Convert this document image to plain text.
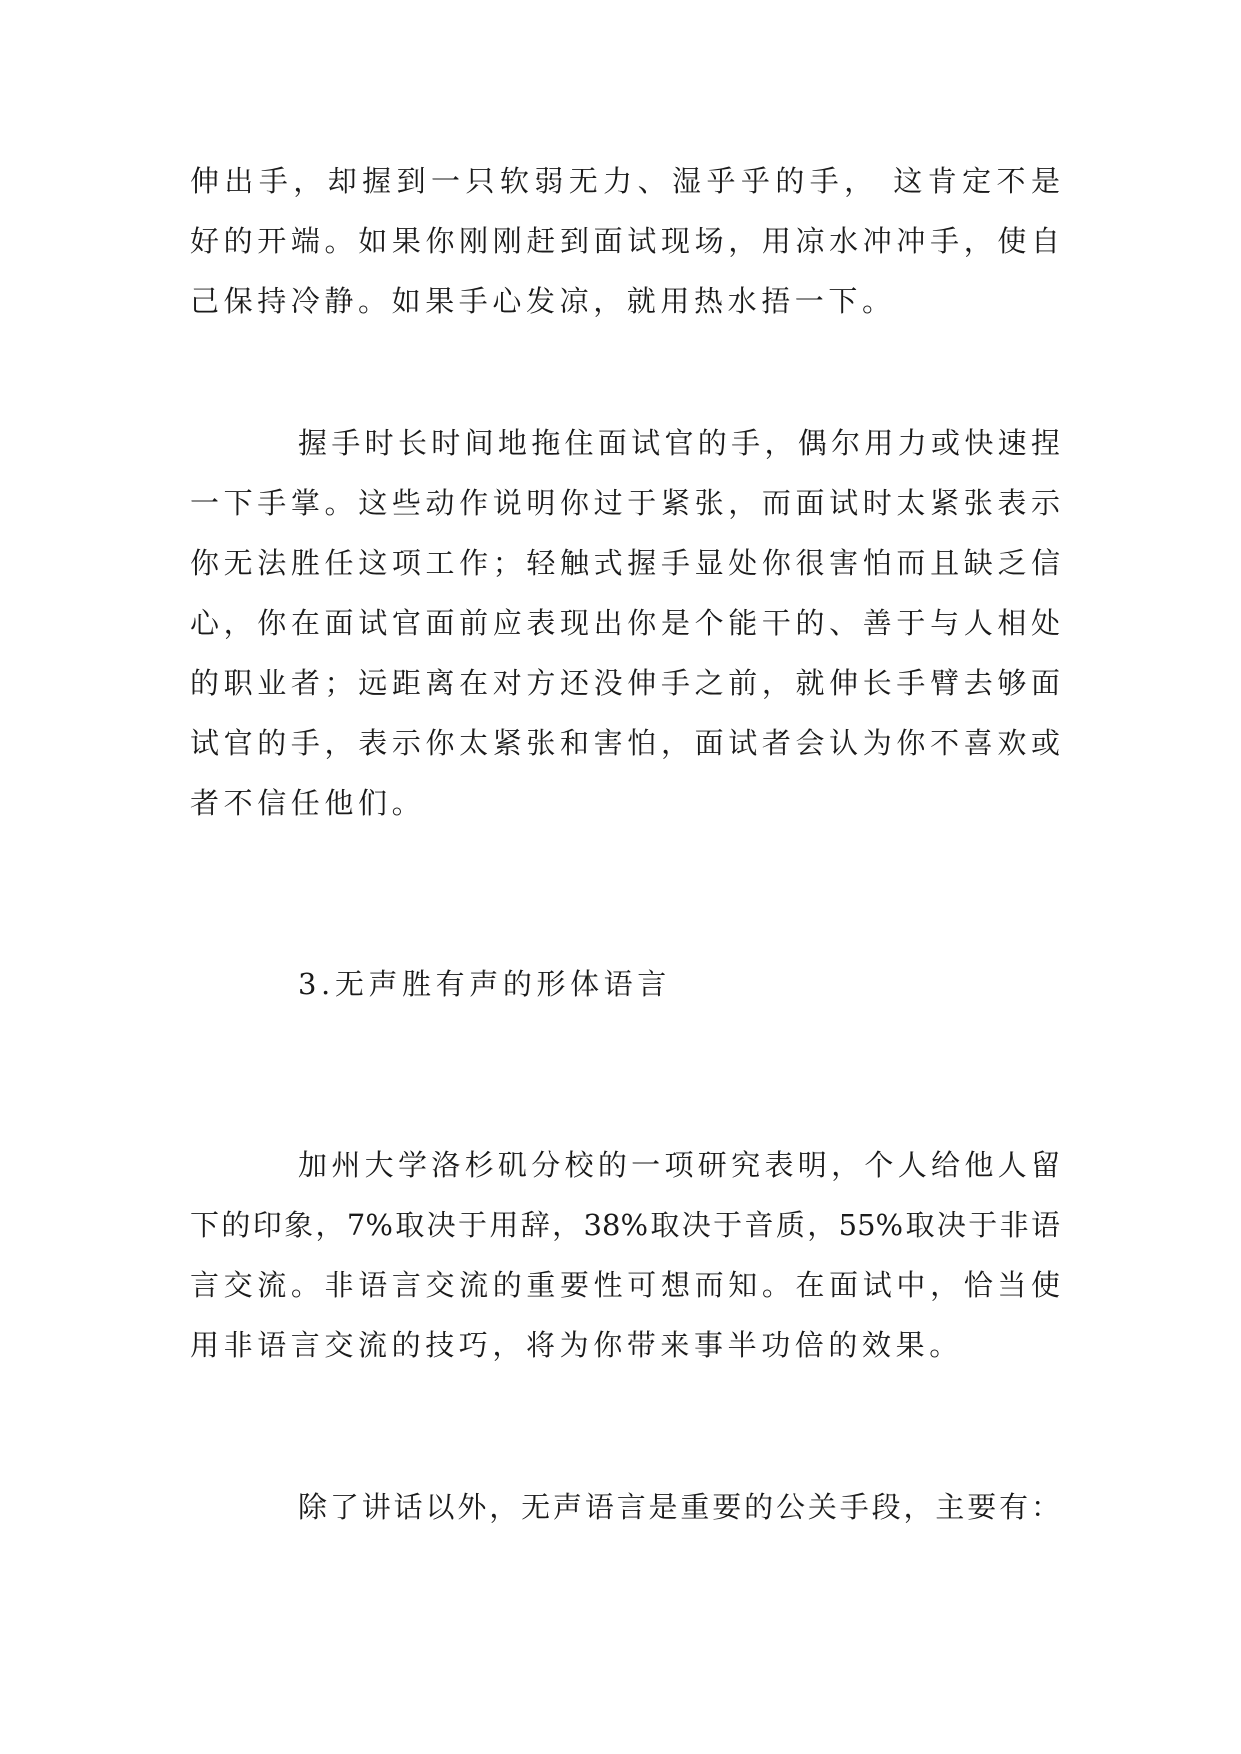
伸出手，却握到一只软弱无力、湿乎乎的手， 这肯定不是
好的开端。如果你刚刚赶到面试现场，用凉水冲冲手，使自
己保持冷静。如果手心发凉，就用热水捂一下。
握手时长时间地拖住面试官的手，偶尔用力或快速捏
一下手掌。这些动作说明你过于紧张，而面试时太紧张表示
你无法胜任这项工作；轻触式握手显处你很害怕而且缺乏信
心，你在面试官面前应表现出你是个能干的、善于与人相处
的职业者；远距离在对方还没伸手之前，就伸长手臂去够面
试官的手，表示你太紧张和害怕，面试者会认为你不喜欢或
者不信任他们。
3.无声胜有声的形体语言
加州大学洛杉矶分校的一项研究表明，个人给他人留
下的印象，7%取决于用辞，38%取决于音质，55%取决于非语
言交流。非语言交流的重要性可想而知。在面试中，恰当使
用非语言交流的技巧，将为你带来事半功倍的效果。
除了讲话以外，无声语言是重要的公关手段，主要有：
